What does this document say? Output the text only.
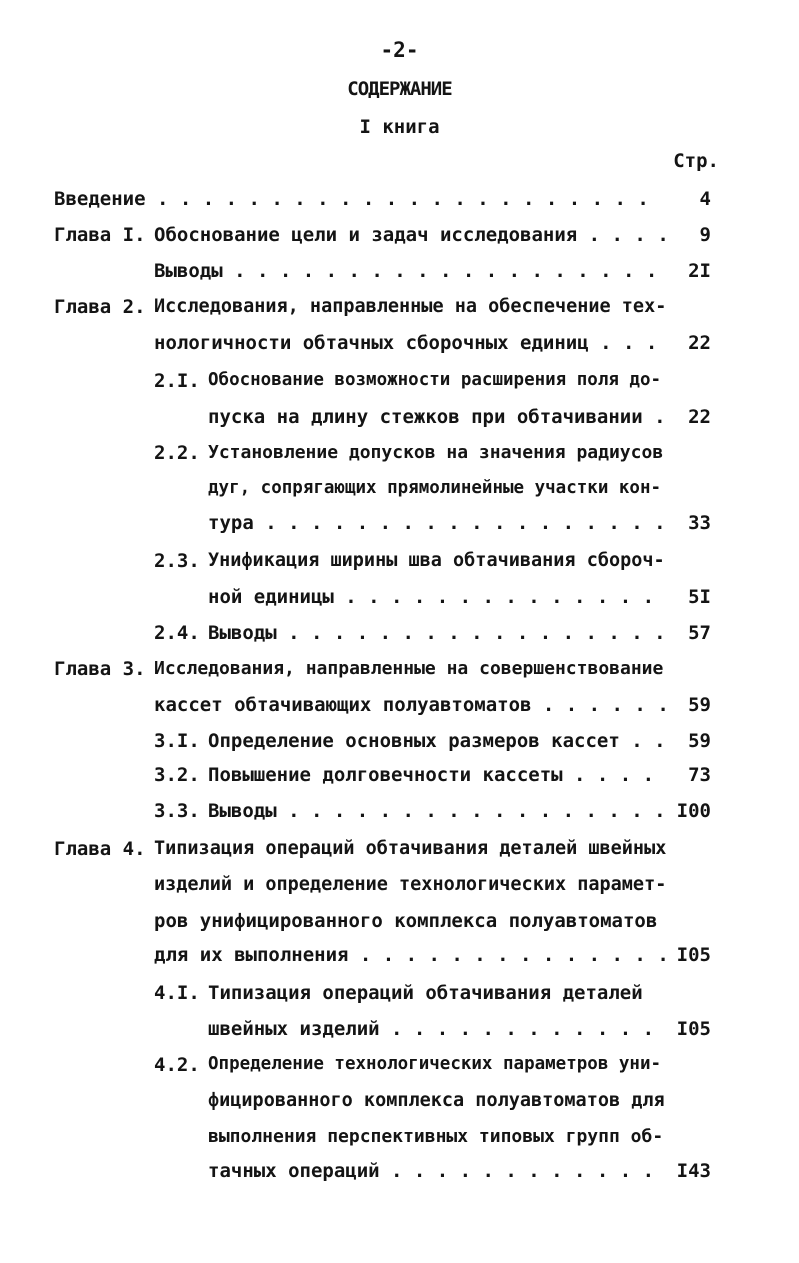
-2-
СОДЕРЖАНИЕ
I книга
Стр.

Введение . . . . . . . . . . . . . . . . . . . . . .

	4

Глава I.

Обоснование цели и задач исследования . . . .

9

Выводы . . . . . . . . . . . . . . . . . . .

2I

Глава 2.

Исследования, направленные на обеспечение тех-

нологичности обтачных сборочных единиц . . .

22

2.I.

Обоснование возможности расширения поля до-

пуска на длину стежков при обтачивании .

22

2.2.

Установление допусков на значения радиусов

дуг, сопрягающих прямолинейные участки кон-

тура . . . . . . . . . . . . . . . . . .

33

2.3.

Унификация ширины шва обтачивания сбороч-

ной единицы . . . . . . . . . . . . . .

5I

2.4.

Выводы . . . . . . . . . . . . . . . . .

57

Глава 3.

Исследования, направленные на совершенствование

кассет обтачивающих полуавтоматов . . . . . .

59

3.I.

Определение основных размеров кассет . .

59

3.2.

Повышение долговечности кассеты . . . .

73

3.3.

Выводы . . . . . . . . . . . . . . . . .

I00

Глава 4.

Типизация операций обтачивания деталей швейных

изделий и определение технологических парамет-

ров унифицированного комплекса полуавтоматов

для их выполнения . . . . . . . . . . . . . .

I05

4.I.

Типизация операций обтачивания деталей

швейных изделий . . . . . . . . . . . .

I05

4.2.

Определение технологических параметров уни-

фицированного комплекса полуавтоматов для

выполнения перспективных типовых групп об-

тачных операций . . . . . . . . . . . .

I43
